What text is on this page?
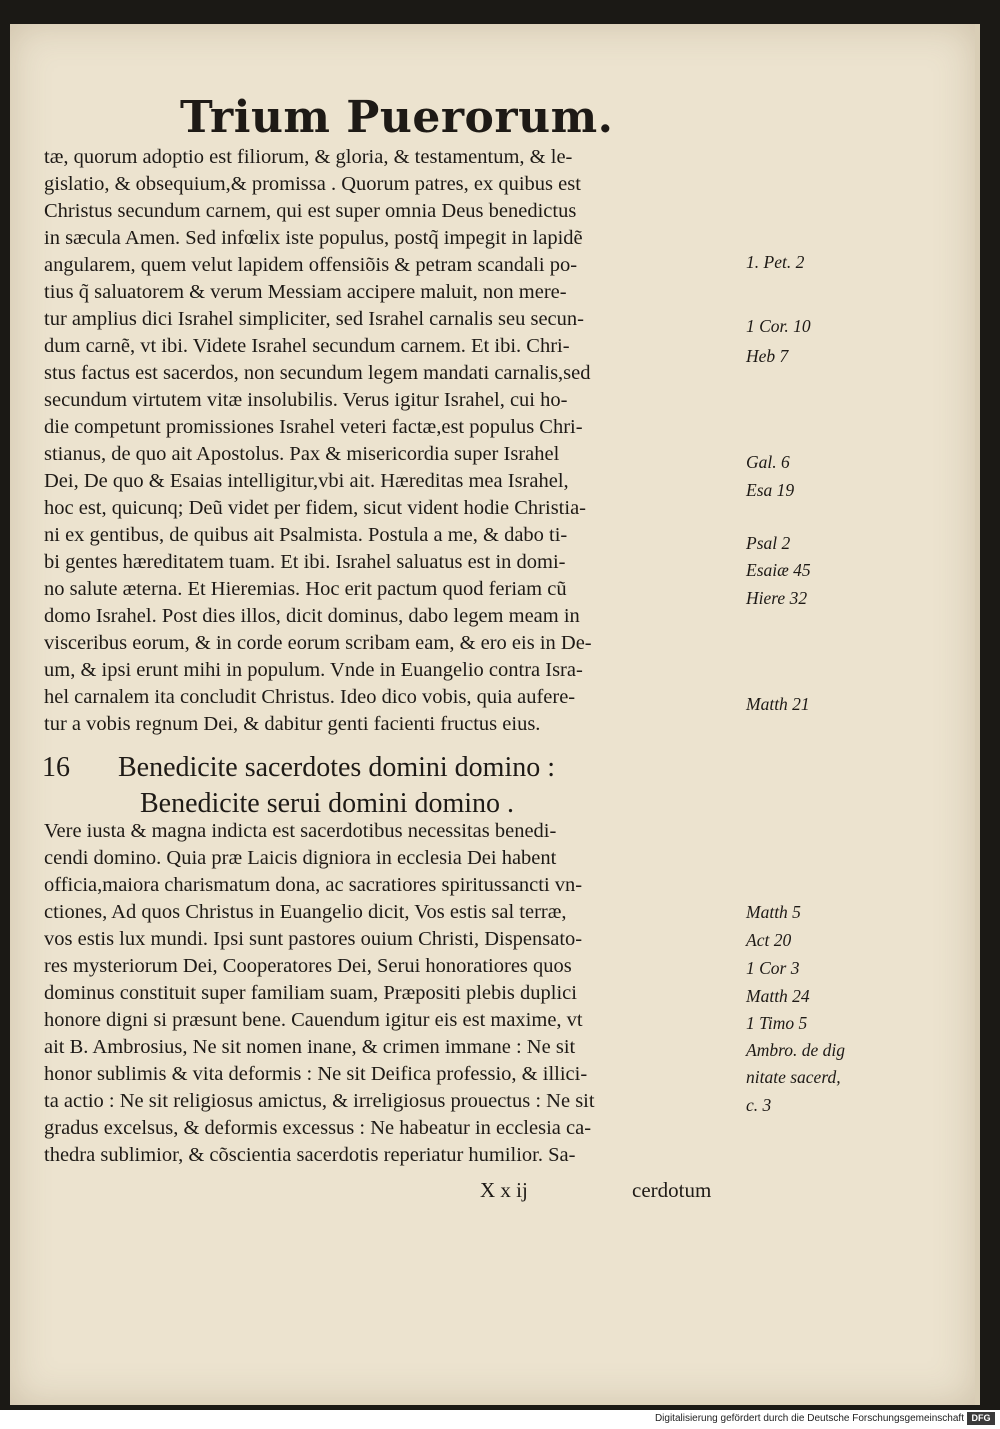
Trium Puerorum.
tæ, quorum adoptio est filiorum, & gloria, & testamentum, & le-
gislatio, & obsequium,& promissa . Quorum patres, ex quibus est
Christus secundum carnem, qui est super omnia Deus benedictus
in sæcula Amen. Sed infœlix iste populus, postq̃ impegit in lapidẽ
angularem, quem velut lapidem offensiõis & petram scandali po-
tius q̃ saluatorem & verum Messiam accipere maluit, non mere-
tur amplius dici Israhel simpliciter, sed Israhel carnalis seu secun-
dum carnẽ, vt ibi. Videte Israhel secundum carnem. Et ibi. Chri-
stus factus est sacerdos, non secundum legem mandati carnalis,sed
secundum virtutem vitæ insolubilis. Verus igitur Israhel, cui ho-
die competunt promissiones Israhel veteri factæ,est populus Chri-
stianus, de quo ait Apostolus. Pax & misericordia super Israhel
Dei, De quo & Esaias intelligitur,vbi ait. Hæreditas mea Israhel,
hoc est, quicunq; Deũ videt per fidem, sicut vident hodie Christia-
ni ex gentibus, de quibus ait Psalmista. Postula a me, & dabo ti-
bi gentes hæreditatem tuam. Et ibi. Israhel saluatus est in domi-
no salute æterna. Et Hieremias. Hoc erit pactum quod feriam cũ
domo Israhel. Post dies illos, dicit dominus, dabo legem meam in
visceribus eorum, & in corde eorum scribam eam, & ero eis in De-
um, & ipsi erunt mihi in populum. Vnde in Euangelio contra Isra-
hel carnalem ita concludit Christus. Ideo dico vobis, quia aufere-
tur a vobis regnum Dei, & dabitur genti facienti fructus eius.
16 Benedicite sacerdotes domini domino :
Benedicite serui domini domino .
Vere iusta & magna indicta est sacerdotibus necessitas benedi-
cendi domino. Quia præ Laicis digniora in ecclesia Dei habent
officia,maiora charismatum dona, ac sacratiores spiritussancti vn-
ctiones, Ad quos Christus in Euangelio dicit, Vos estis sal terræ,
vos estis lux mundi. Ipsi sunt pastores ouium Christi, Dispensato-
res mysteriorum Dei, Cooperatores Dei, Serui honoratiores quos
dominus constituit super familiam suam, Præpositi plebis duplici
honore digni si præsunt bene. Cauendum igitur eis est maxime, vt
ait B. Ambrosius, Ne sit nomen inane, & crimen immane : Ne sit
honor sublimis & vita deformis : Ne sit Deifica professio, & illici-
ta actio : Ne sit religiosus amictus, & irreligiosus prouectus : Ne sit
gradus excelsus, & deformis excessus : Ne habeatur in ecclesia ca-
thedra sublimior, & cõscientia sacerdotis reperiatur humilior. Sa-
X x ij	cerdotum
1. Pet. 2
1 Cor. 10
Heb 7
Gal. 6
Esa 19
Psal 2
Esaiæ 45
Hiere 32
Matth 21
Matth 5
Act 20
1 Cor 3
Matth 24
1 Timo 5
Ambro. de dig
nitate sacerd,
c. 3
Digitalisierung gefördert durch die Deutsche Forschungsgemeinschaft DFG
